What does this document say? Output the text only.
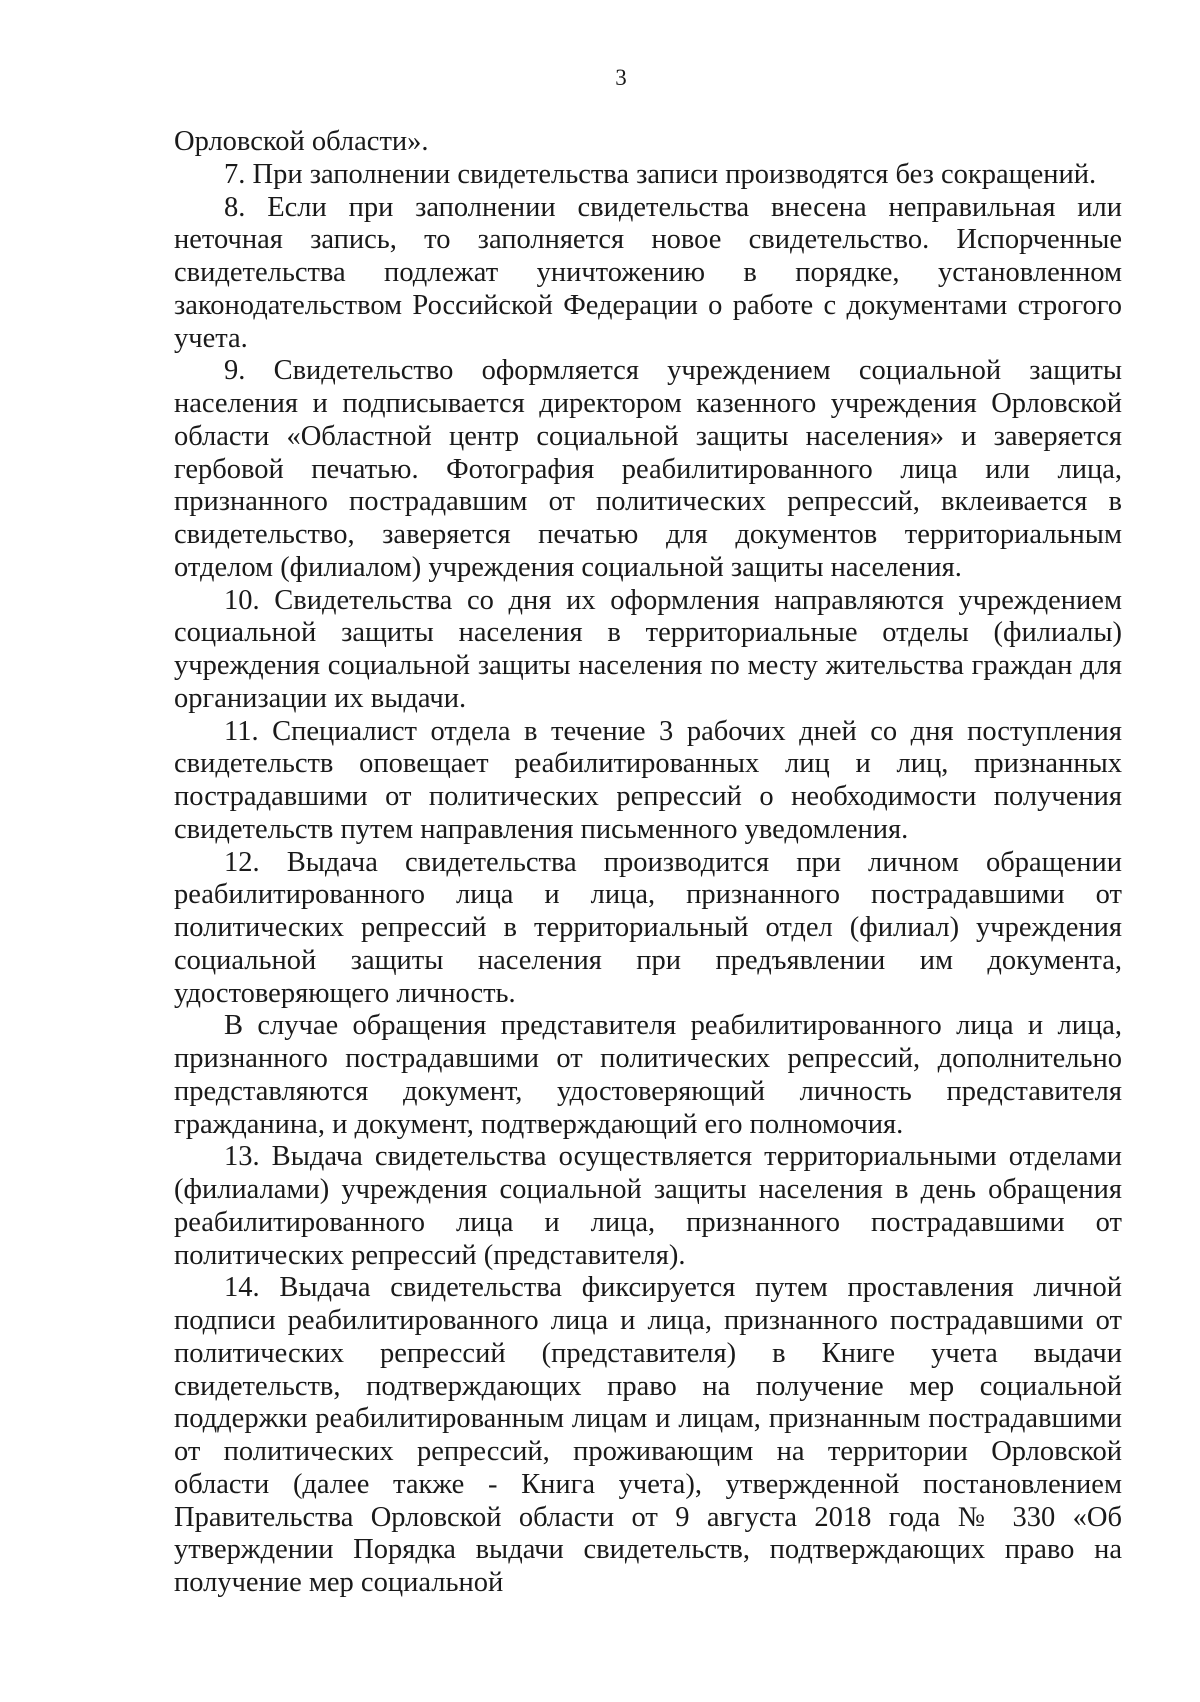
3

Орловской области».

7. При заполнении свидетельства записи производятся без сокращений.

8. Если при заполнении свидетельства внесена неправильная или неточная запись, то заполняется новое свидетельство. Испорченные свидетельства подлежат уничтожению в порядке, установленном законодательством Российской Федерации о работе с документами строгого учета.

9. Свидетельство оформляется учреждением социальной защиты населения и подписывается директором казенного учреждения Орловской области «Областной центр социальной защиты населения» и заверяется гербовой печатью. Фотография реабилитированного лица или лица, признанного пострадавшим от политических репрессий, вклеивается в свидетельство, заверяется печатью для документов территориальным отделом (филиалом) учреждения социальной защиты населения.

10. Свидетельства со дня их оформления направляются учреждением социальной защиты населения в территориальные отделы (филиалы) учреждения социальной защиты населения по месту жительства граждан для организации их выдачи.

11. Специалист отдела в течение 3 рабочих дней со дня поступления свидетельств оповещает реабилитированных лиц и лиц, признанных пострадавшими от политических репрессий о необходимости получения свидетельств путем направления письменного уведомления.

12. Выдача свидетельства производится при личном обращении реабилитированного лица и лица, признанного пострадавшими от политических репрессий в территориальный отдел (филиал) учреждения социальной защиты населения при предъявлении им документа, удостоверяющего личность.

В случае обращения представителя реабилитированного лица и лица, признанного пострадавшими от политических репрессий, дополнительно представляются документ, удостоверяющий личность представителя гражданина, и документ, подтверждающий его полномочия.

13. Выдача свидетельства осуществляется территориальными отделами (филиалами) учреждения социальной защиты населения в день обращения реабилитированного лица и лица, признанного пострадавшими от политических репрессий (представителя).

14. Выдача свидетельства фиксируется путем проставления личной подписи реабилитированного лица и лица, признанного пострадавшими от политических репрессий (представителя) в Книге учета выдачи свидетельств, подтверждающих право на получение мер социальной поддержки реабилитированным лицам и лицам, признанным пострадавшими от политических репрессий, проживающим на территории Орловской области (далее также - Книга учета), утвержденной постановлением Правительства Орловской области от 9 августа 2018 года № 330 «Об утверждении Порядка выдачи свидетельств, подтверждающих право на получение мер социальной
